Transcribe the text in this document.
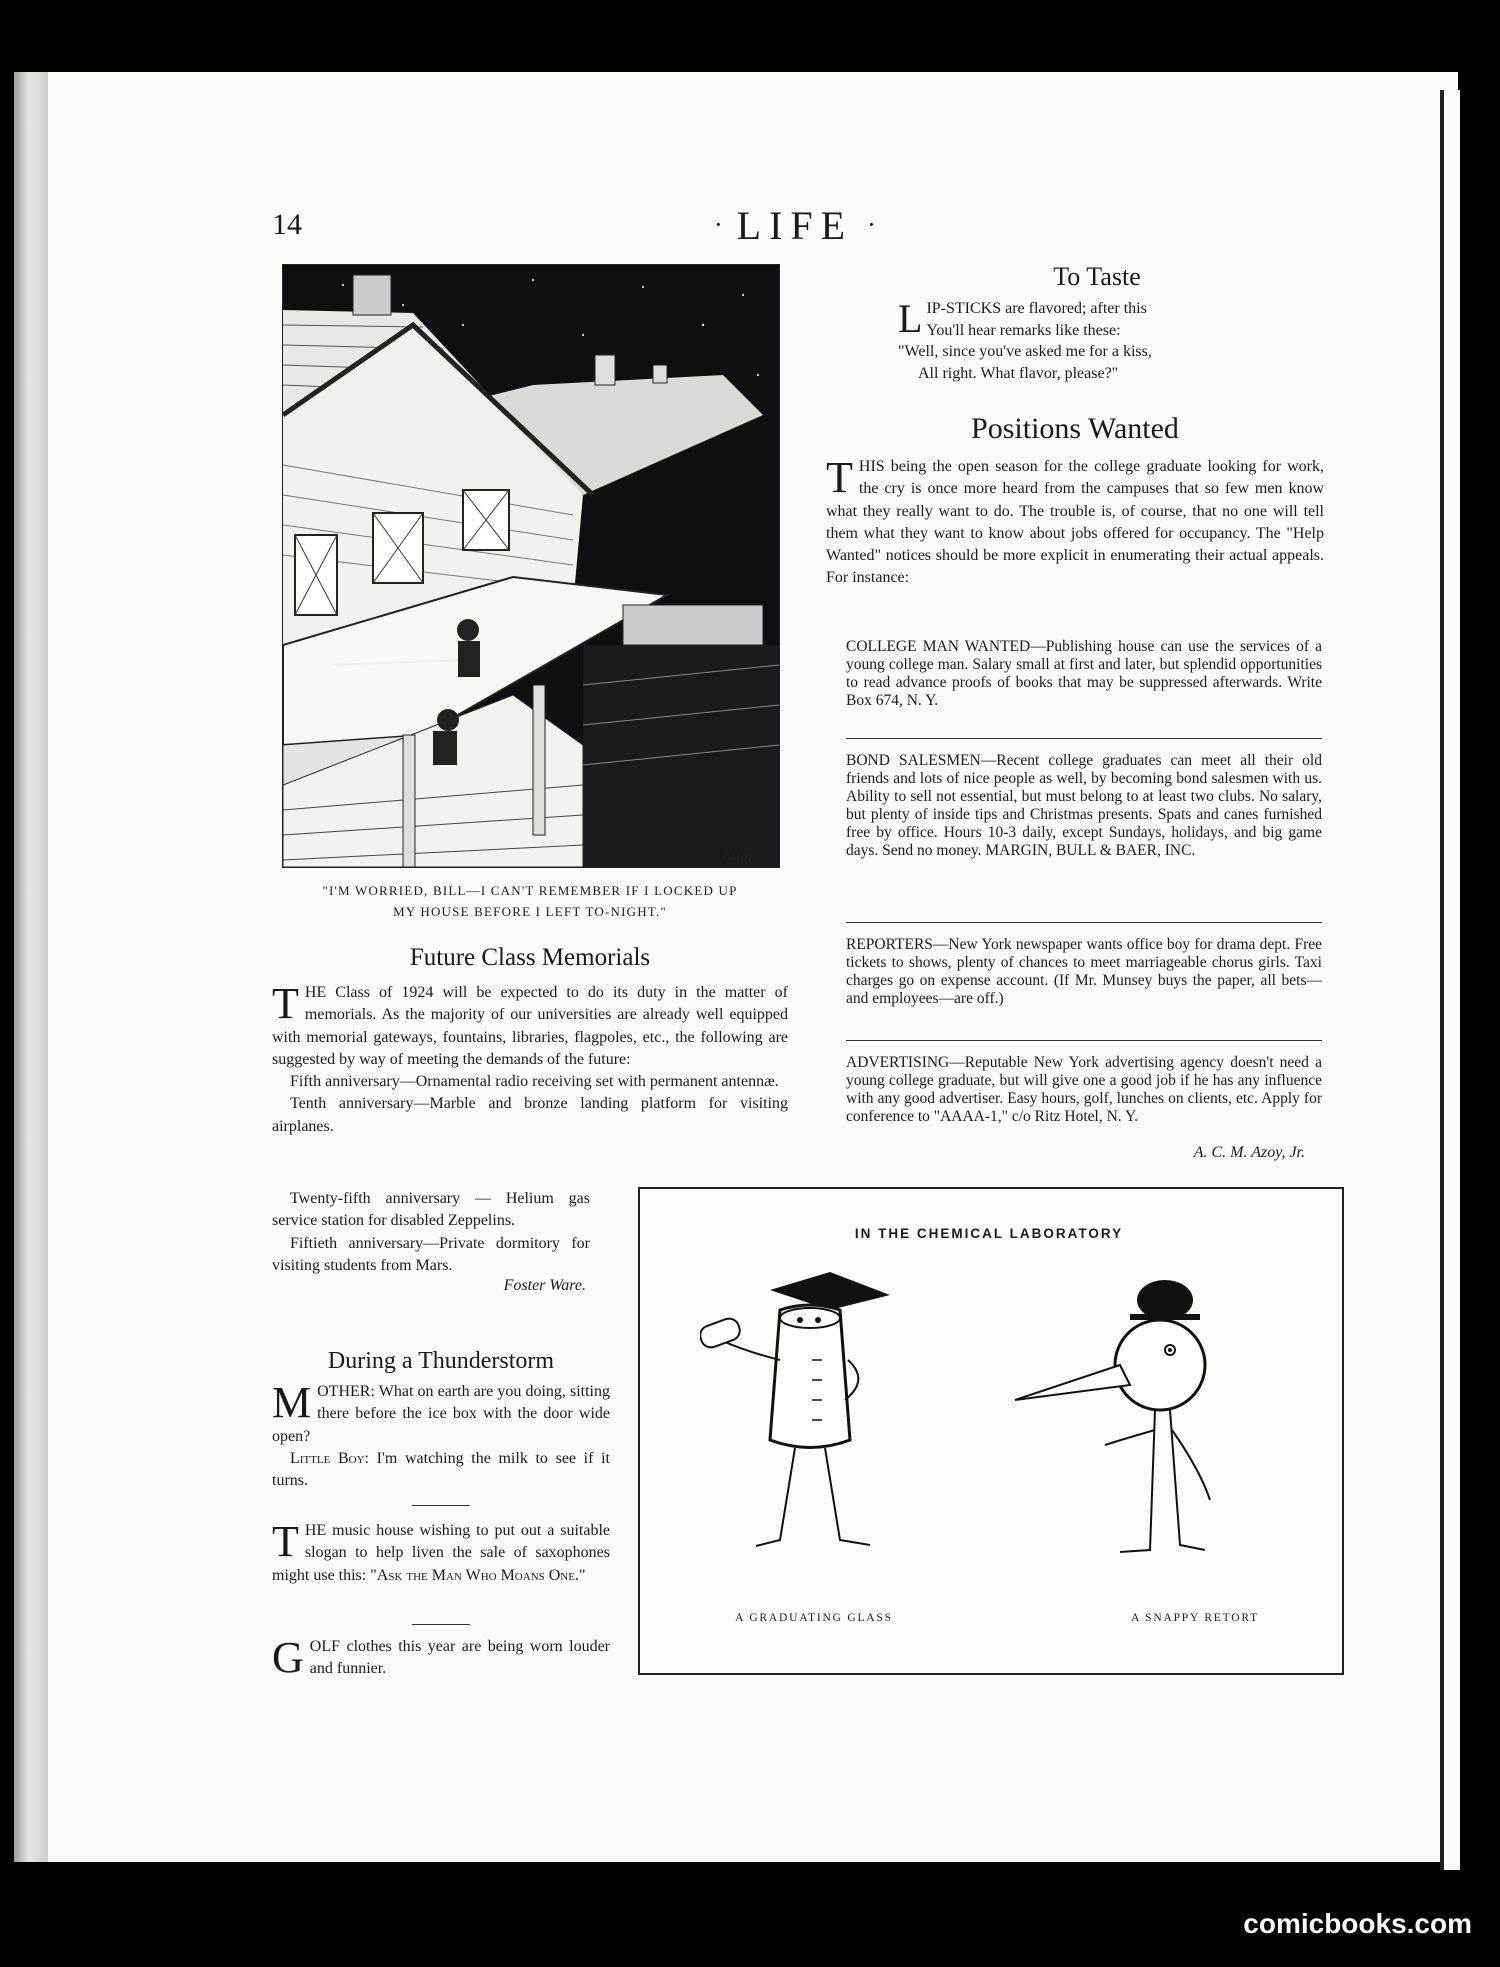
14	· LIFE ·
FARR
"I'M WORRIED, BILL—I CAN'T REMEMBER IF I LOCKED UP
MY HOUSE BEFORE I LEFT TO-NIGHT."
To Taste
L IP-STICKS are flavored; after this
You'll hear remarks like these:
"Well, since you've asked me for a kiss,
All right. What flavor, please?"
Positions Wanted
THIS being the open season for the college graduate looking for work, the cry is once more heard from the campuses that so few men know what they really want to do. The trouble is, of course, that no one will tell them what they want to know about jobs offered for occupancy. The "Help Wanted" notices should be more explicit in enumerating their actual appeals. For instance:
COLLEGE MAN WANTED—Publishing house can use the services of a young college man. Salary small at first and later, but splendid opportunities to read advance proofs of books that may be suppressed afterwards. Write Box 674, N. Y.
BOND SALESMEN—Recent college graduates can meet all their old friends and lots of nice people as well, by becoming bond salesmen with us. Ability to sell not essential, but must belong to at least two clubs. No salary, but plenty of inside tips and Christmas presents. Spats and canes furnished free by office. Hours 10-3 daily, except Sundays, holidays, and big game days. Send no money. MARGIN, BULL & BAER, INC.
REPORTERS—New York newspaper wants office boy for drama dept. Free tickets to shows, plenty of chances to meet marriageable chorus girls. Taxi charges go on expense account. (If Mr. Munsey buys the paper, all bets—and employees—are off.)
ADVERTISING—Reputable New York advertising agency doesn't need a young college graduate, but will give one a good job if he has any influence with any good advertiser. Easy hours, golf, lunches on clients, etc. Apply for conference to "AAAA-1," c/o Ritz Hotel, N. Y.
A. C. M. Azoy, Jr.
Future Class Memorials
THE Class of 1924 will be expected to do its duty in the matter of memorials. As the majority of our universities are already well equipped with memorial gateways, fountains, libraries, flagpoles, etc., the following are suggested by way of meeting the demands of the future:
Fifth anniversary—Ornamental radio receiving set with permanent antennæ.
Tenth anniversary—Marble and bronze landing platform for visiting airplanes.
Twenty-fifth anniversary — Helium gas service station for disabled Zeppelins.
Fiftieth anniversary—Private dormitory for visiting students from Mars.
Foster Ware.
During a Thunderstorm
MOTHER: What on earth are you doing, sitting there before the ice box with the door wide open?
Little Boy: I'm watching the milk to see if it turns.
THE music house wishing to put out a suitable slogan to help liven the sale of saxophones might use this: "Ask the Man Who Moans One."
GOLF clothes this year are being worn louder and funnier.
IN THE CHEMICAL LABORATORY
A GRADUATING GLASS	A SNAPPY RETORT
comicbooks.com
